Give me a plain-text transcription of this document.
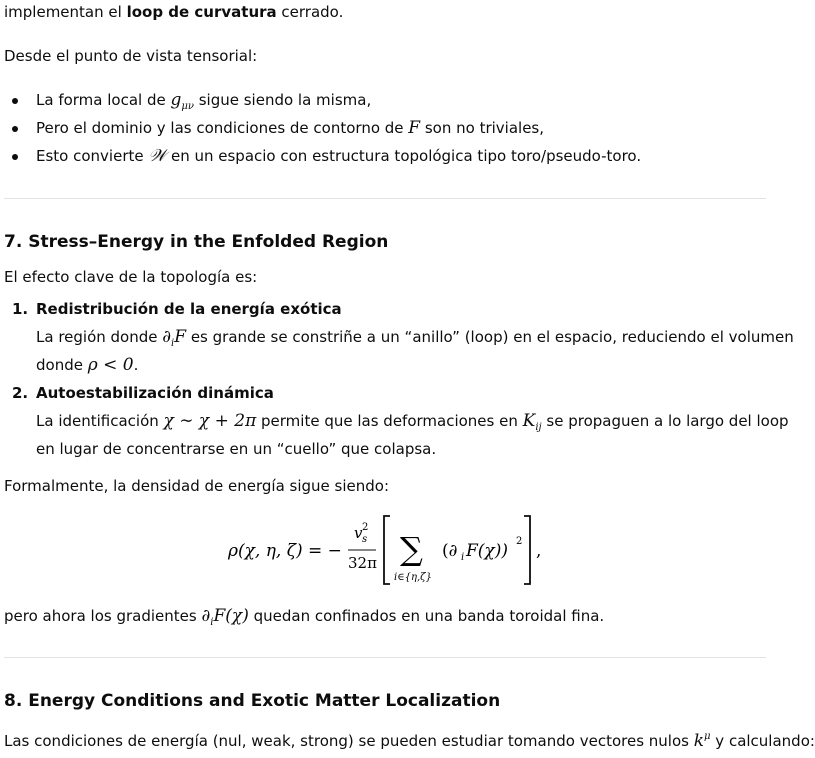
implementan el loop de curvatura cerrado.
Desde el punto de vista tensorial:
La forma local de $g_{\mu\nu}$ sigue siendo la misma,
Pero el dominio y las condiciones de contorno de F son no triviales,
Esto convierte 𝒲 en un espacio con estructura topológica tipo toro/pseudo-toro.
7. Stress–Energy in the Enfolded Region
El efecto clave de la topología es:
1. Redistribución de la energía exótica
La región donde $\partial_iF$ es grande se constriñe a un “anillo” (loop) en el espacio, reduciendo el volumen
donde ρ < 0.
2. Autoestabilización dinámica
La identificación χ ∼ χ + 2π permite que las deformaciones en $K_{ij}$ se propaguen a lo largo del loop
en lugar de concentrarse en un “cuello” que colapsa.
Formalmente, la densidad de energía sigue siendo:
ρ(χ, η, ζ) = −
v 2
s
32π ∑
i∈{η,ζ}
(∂ i F(χ)) 2 ,
pero ahora los gradientes $\partial_iF(\chi)$ quedan confinados en una banda toroidal fina.
8. Energy Conditions and Exotic Matter Localization
Las condiciones de energía (nul, weak, strong) se pueden estudiar tomando vectores nulos $k^\mu$ y calculando:
